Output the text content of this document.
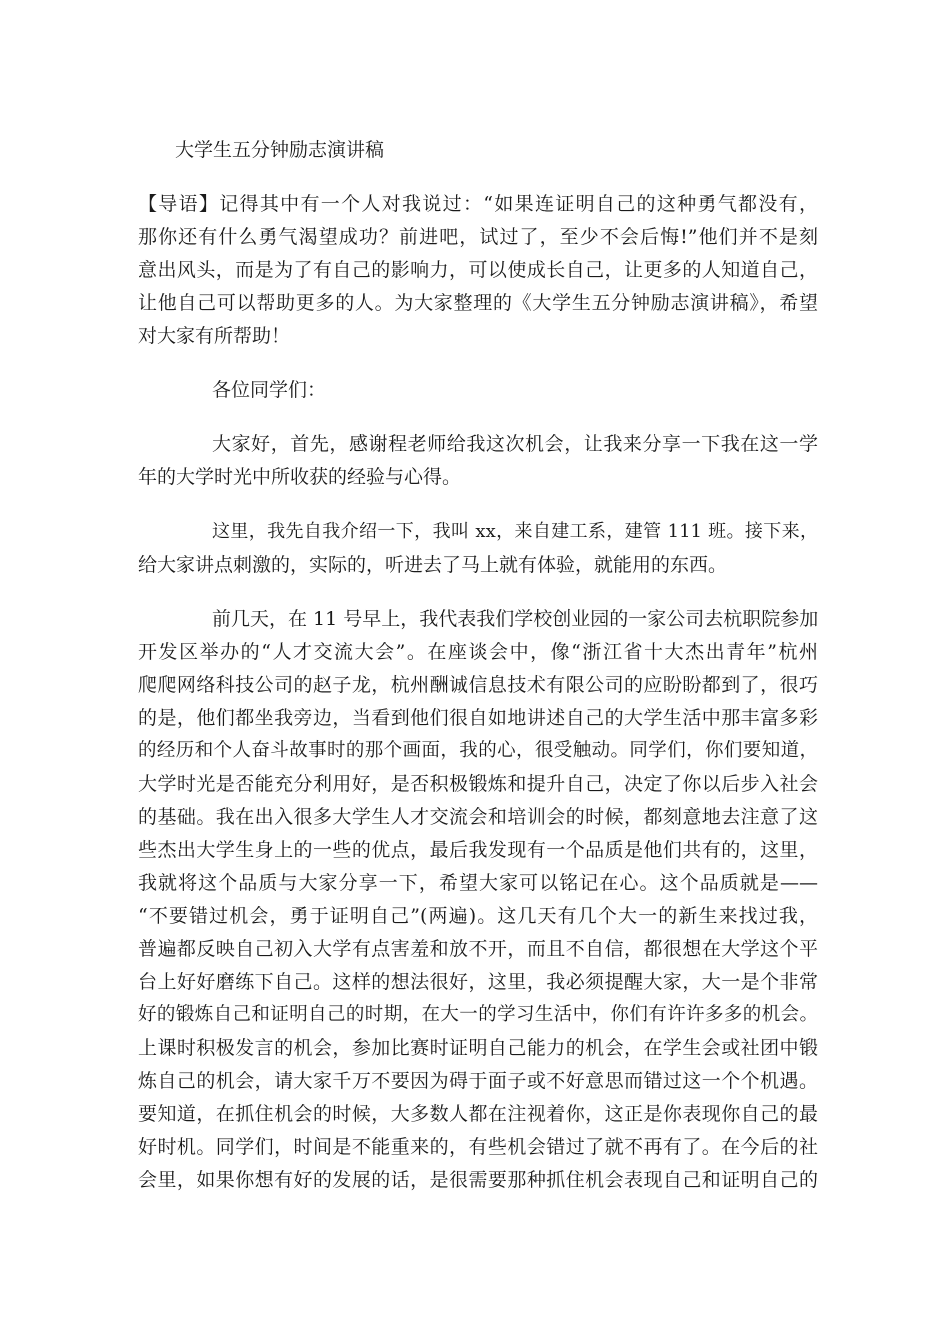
大学生五分钟励志演讲稿
【导语】记得其中有一个人对我说过：“如果连证明自己的这种勇气都没有，
那你还有什么勇气渴望成功？前进吧，试过了，至少不会后悔!”他们并不是刻
意出风头，而是为了有自己的影响力，可以使成长自己，让更多的人知道自己，
让他自己可以帮助更多的人。为大家整理的《大学生五分钟励志演讲稿》，希望
对大家有所帮助！
各位同学们：
大家好，首先，感谢程老师给我这次机会，让我来分享一下我在这一学
年的大学时光中所收获的经验与心得。
这里，我先自我介绍一下，我叫 xx，来自建工系，建管 111 班。接下来，
给大家讲点刺激的，实际的，听进去了马上就有体验，就能用的东西。
前几天，在 11 号早上，我代表我们学校创业园的一家公司去杭职院参加
开发区举办的“人才交流大会”。在座谈会中，像“浙江省十大杰出青年”杭州
爬爬网络科技公司的赵子龙，杭州酬诚信息技术有限公司的应盼盼都到了，很巧
的是，他们都坐我旁边，当看到他们很自如地讲述自己的大学生活中那丰富多彩
的经历和个人奋斗故事时的那个画面，我的心，很受触动。同学们，你们要知道，
大学时光是否能充分利用好，是否积极锻炼和提升自己，决定了你以后步入社会
的基础。我在出入很多大学生人才交流会和培训会的时候，都刻意地去注意了这
些杰出大学生身上的一些的优点，最后我发现有一个品质是他们共有的，这里，
我就将这个品质与大家分享一下，希望大家可以铭记在心。这个品质就是——
“不要错过机会，勇于证明自己”(两遍)。这几天有几个大一的新生来找过我，
普遍都反映自己初入大学有点害羞和放不开，而且不自信，都很想在大学这个平
台上好好磨练下自己。这样的想法很好，这里，我必须提醒大家，大一是个非常
好的锻炼自己和证明自己的时期，在大一的学习生活中，你们有许许多多的机会。
上课时积极发言的机会，参加比赛时证明自己能力的机会，在学生会或社团中锻
炼自己的机会，请大家千万不要因为碍于面子或不好意思而错过这一个个机遇。
要知道，在抓住机会的时候，大多数人都在注视着你，这正是你表现你自己的最
好时机。同学们，时间是不能重来的，有些机会错过了就不再有了。在今后的社
会里，如果你想有好的发展的话，是很需要那种抓住机会表现自己和证明自己的
